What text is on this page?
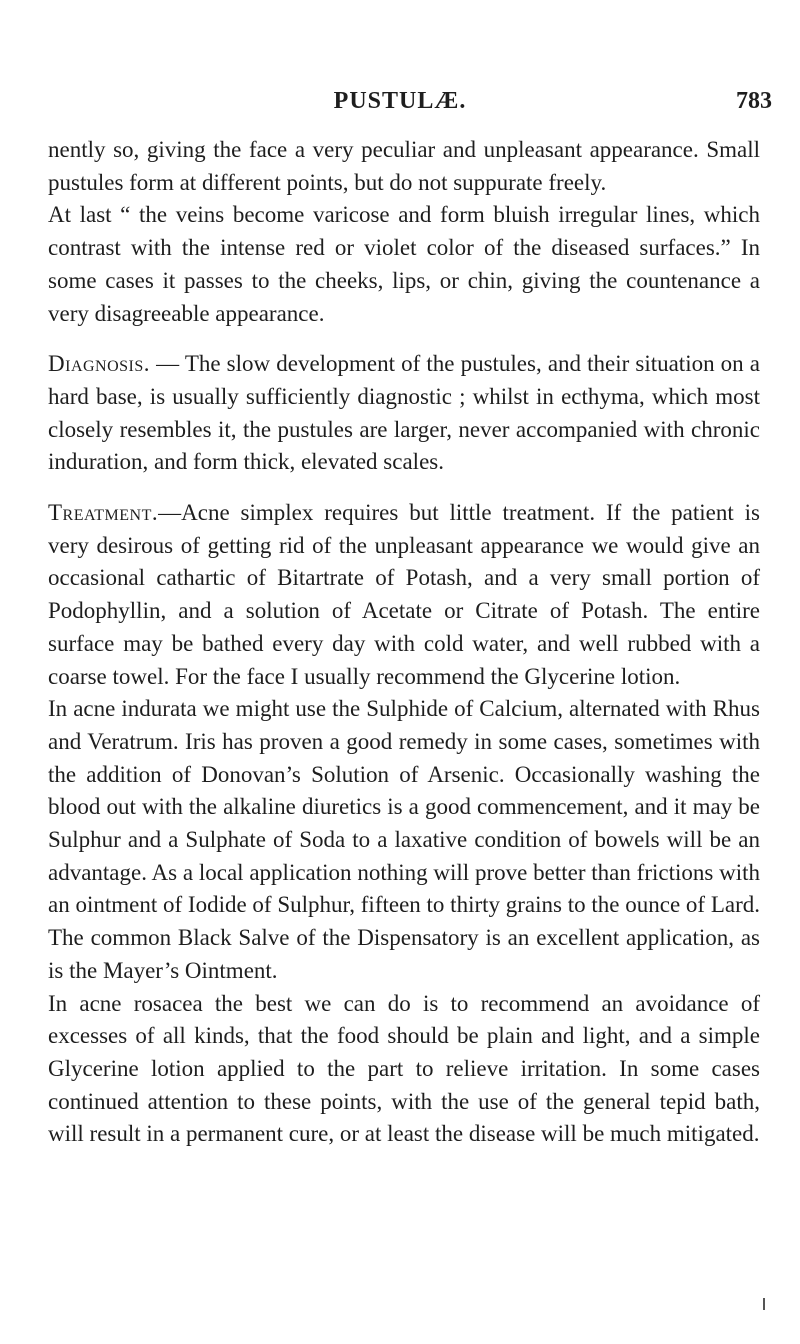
PUSTULÆ.	783

nently so, giving the face a very peculiar and unpleasant appearance. Small pustules form at different points, but do not suppurate freely.

At last “ the veins become varicose and form bluish irregular lines, which contrast with the intense red or violet color of the diseased surfaces.” In some cases it passes to the cheeks, lips, or chin, giving the countenance a very disagreeable appearance.

Diagnosis. — The slow development of the pustules, and their situation on a hard base, is usually sufficiently diagnostic ; whilst in ecthyma, which most closely resembles it, the pustules are larger, never accompanied with chronic induration, and form thick, elevated scales.

Treatment.—Acne simplex requires but little treatment. If the patient is very desirous of getting rid of the unpleasant appearance we would give an occasional cathartic of Bitartrate of Potash, and a very small portion of Podophyllin, and a solution of Acetate or Citrate of Potash. The entire surface may be bathed every day with cold water, and well rubbed with a coarse towel. For the face I usually recommend the Glycerine lotion.

In acne indurata we might use the Sulphide of Calcium, alternated with Rhus and Veratrum. Iris has proven a good remedy in some cases, sometimes with the addition of Donovan’s Solution of Arsenic. Occasionally washing the blood out with the alkaline diuretics is a good commencement, and it may be Sulphur and a Sulphate of Soda to a laxative condition of bowels will be an advantage. As a local application nothing will prove better than frictions with an ointment of Iodide of Sulphur, fifteen to thirty grains to the ounce of Lard. The common Black Salve of the Dispensatory is an excellent application, as is the Mayer’s Ointment.

In acne rosacea the best we can do is to recommend an avoidance of excesses of all kinds, that the food should be plain and light, and a simple Glycerine lotion applied to the part to relieve irritation. In some cases continued attention to these points, with the use of the general tepid bath, will result in a permanent cure, or at least the disease will be much mitigated.
